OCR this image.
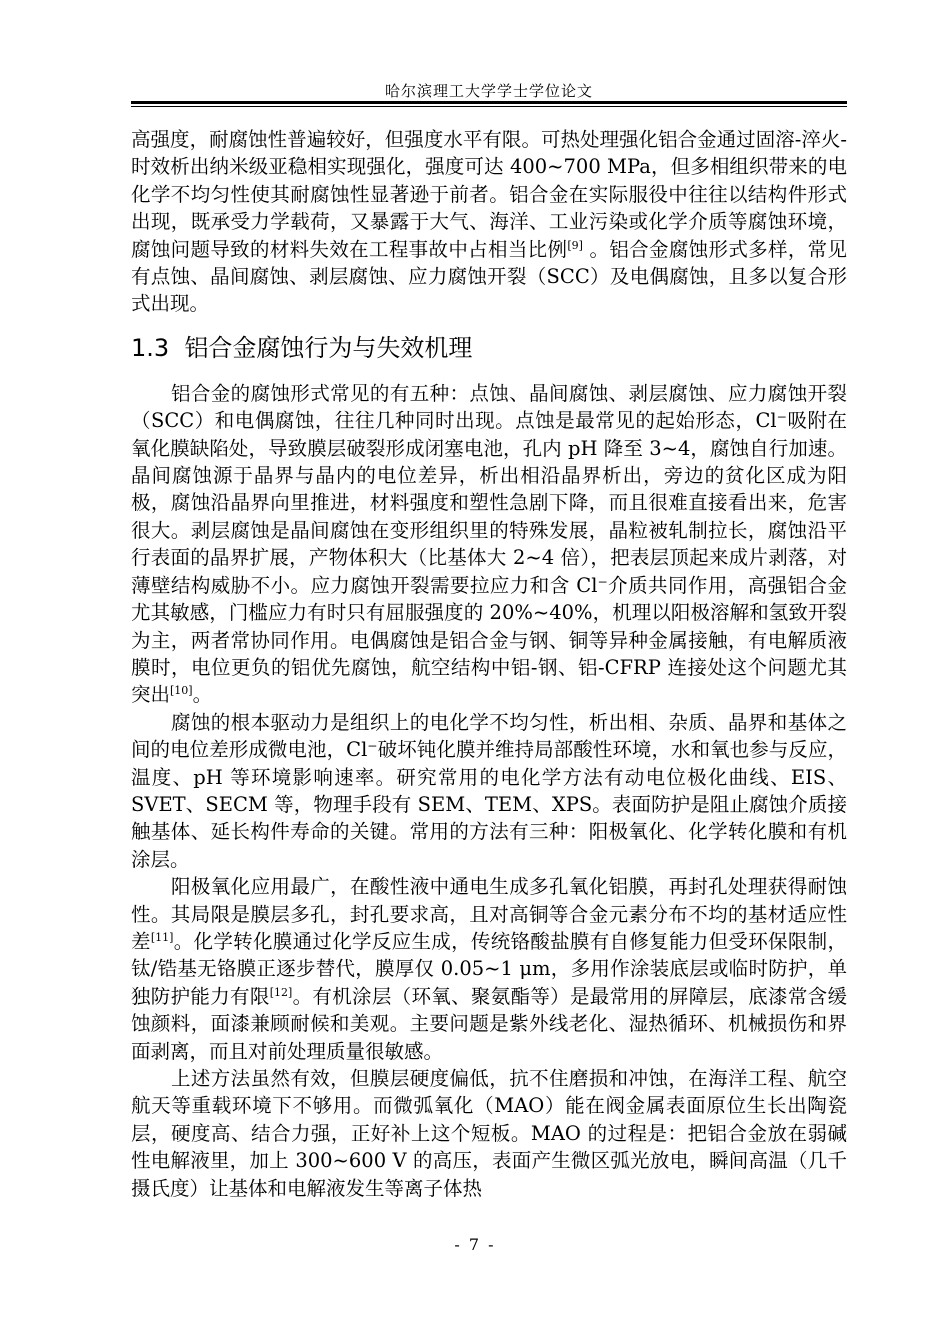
哈尔滨理工大学学士学位论文

高强度，耐腐蚀性普遍较好，但强度水平有限。可热处理强化铝合金通过固溶-淬火-时效析出纳米级亚稳相实现强化，强度可达 400~700 MPa，但多相组织带来的电化学不均匀性使其耐腐蚀性显著逊于前者。铝合金在实际服役中往往以结构件形式出现，既承受力学载荷，又暴露于大气、海洋、工业污染或化学介质等腐蚀环境，腐蚀问题导致的材料失效在工程事故中占相当比例[9] 。铝合金腐蚀形式多样，常见有点蚀、晶间腐蚀、剥层腐蚀、应力腐蚀开裂（SCC）及电偶腐蚀，且多以复合形式出现。

1.3 铝合金腐蚀行为与失效机理

铝合金的腐蚀形式常见的有五种：点蚀、晶间腐蚀、剥层腐蚀、应力腐蚀开裂（SCC）和电偶腐蚀，往往几种同时出现。点蚀是最常见的起始形态，Cl⁻吸附在氧化膜缺陷处，导致膜层破裂形成闭塞电池，孔内 pH 降至 3~4，腐蚀自行加速。晶间腐蚀源于晶界与晶内的电位差异，析出相沿晶界析出，旁边的贫化区成为阳极，腐蚀沿晶界向里推进，材料强度和塑性急剧下降，而且很难直接看出来，危害很大。剥层腐蚀是晶间腐蚀在变形组织里的特殊发展，晶粒被轧制拉长，腐蚀沿平行表面的晶界扩展，产物体积大（比基体大 2~4 倍），把表层顶起来成片剥落，对薄壁结构威胁不小。应力腐蚀开裂需要拉应力和含 Cl⁻介质共同作用，高强铝合金尤其敏感，门槛应力有时只有屈服强度的 20%~40%，机理以阳极溶解和氢致开裂为主，两者常协同作用。电偶腐蚀是铝合金与钢、铜等异种金属接触，有电解质液膜时，电位更负的铝优先腐蚀，航空结构中铝-钢、铝-CFRP 连接处这个问题尤其突出[10]。

腐蚀的根本驱动力是组织上的电化学不均匀性，析出相、杂质、晶界和基体之间的电位差形成微电池，Cl⁻破坏钝化膜并维持局部酸性环境，水和氧也参与反应，温度、pH 等环境影响速率。研究常用的电化学方法有动电位极化曲线、EIS、SVET、SECM 等，物理手段有 SEM、TEM、XPS。表面防护是阻止腐蚀介质接触基体、延长构件寿命的关键。常用的方法有三种：阳极氧化、化学转化膜和有机涂层。

阳极氧化应用最广，在酸性液中通电生成多孔氧化铝膜，再封孔处理获得耐蚀性。其局限是膜层多孔，封孔要求高，且对高铜等合金元素分布不均的基材适应性差[11]。化学转化膜通过化学反应生成，传统铬酸盐膜有自修复能力但受环保限制，钛/锆基无铬膜正逐步替代，膜厚仅 0.05~1 μm，多用作涂装底层或临时防护，单独防护能力有限[12]。有机涂层（环氧、聚氨酯等）是最常用的屏障层，底漆常含缓蚀颜料，面漆兼顾耐候和美观。主要问题是紫外线老化、湿热循环、机械损伤和界面剥离，而且对前处理质量很敏感。

上述方法虽然有效，但膜层硬度偏低，抗不住磨损和冲蚀，在海洋工程、航空航天等重载环境下不够用。而微弧氧化（MAO）能在阀金属表面原位生长出陶瓷层，硬度高、结合力强，正好补上这个短板。MAO 的过程是：把铝合金放在弱碱性电解液里，加上 300~600 V 的高压，表面产生微区弧光放电，瞬间高温（几千摄氏度）让基体和电解液发生等离子体热

- 7 -
